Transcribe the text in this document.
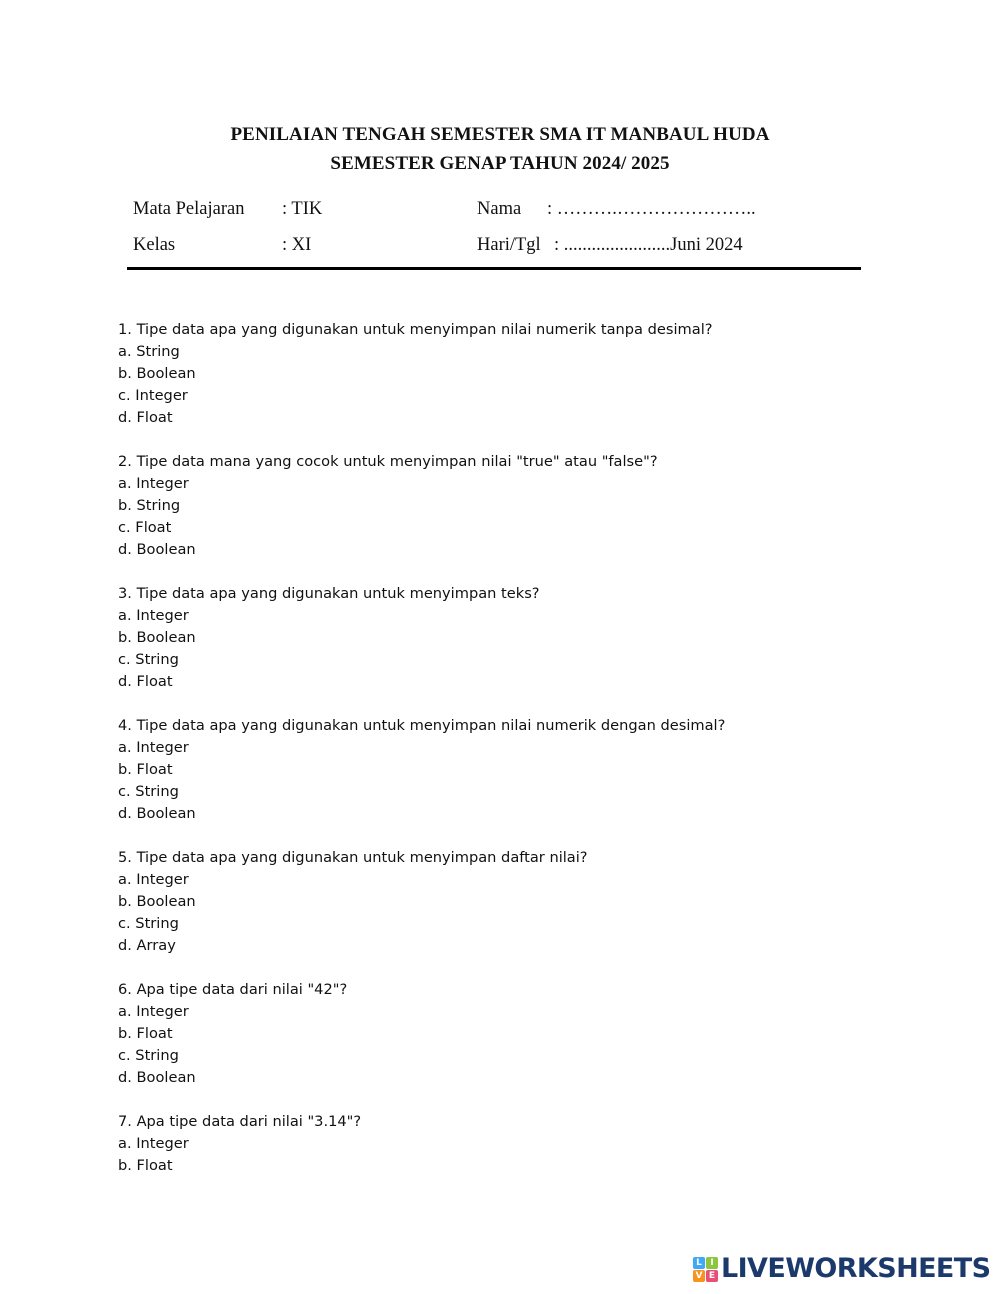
PENILAIAN TENGAH SEMESTER SMA IT MANBAUL HUDA
SEMESTER GENAP TAHUN 2024/ 2025
Mata Pelajaran : TIK	Nama : ……….…………………..
Kelas	: XI	Hari/Tgl : .......................Juni 2024
1. Tipe data apa yang digunakan untuk menyimpan nilai numerik tanpa desimal?
a. String
b. Boolean
c. Integer
d. Float
2. Tipe data mana yang cocok untuk menyimpan nilai "true" atau "false"?
a. Integer
b. String
c. Float
d. Boolean
3. Tipe data apa yang digunakan untuk menyimpan teks?
a. Integer
b. Boolean
c. String
d. Float
4. Tipe data apa yang digunakan untuk menyimpan nilai numerik dengan desimal?
a. Integer
b. Float
c. String
d. Boolean
5. Tipe data apa yang digunakan untuk menyimpan daftar nilai?
a. Integer
b. Boolean
c. String
d. Array
6. Apa tipe data dari nilai "42"?
a. Integer
b. Float
c. String
d. Boolean
7. Apa tipe data dari nilai "3.14"?
a. Integer
b. Float
L I
V E LIVEWORKSHEETS
